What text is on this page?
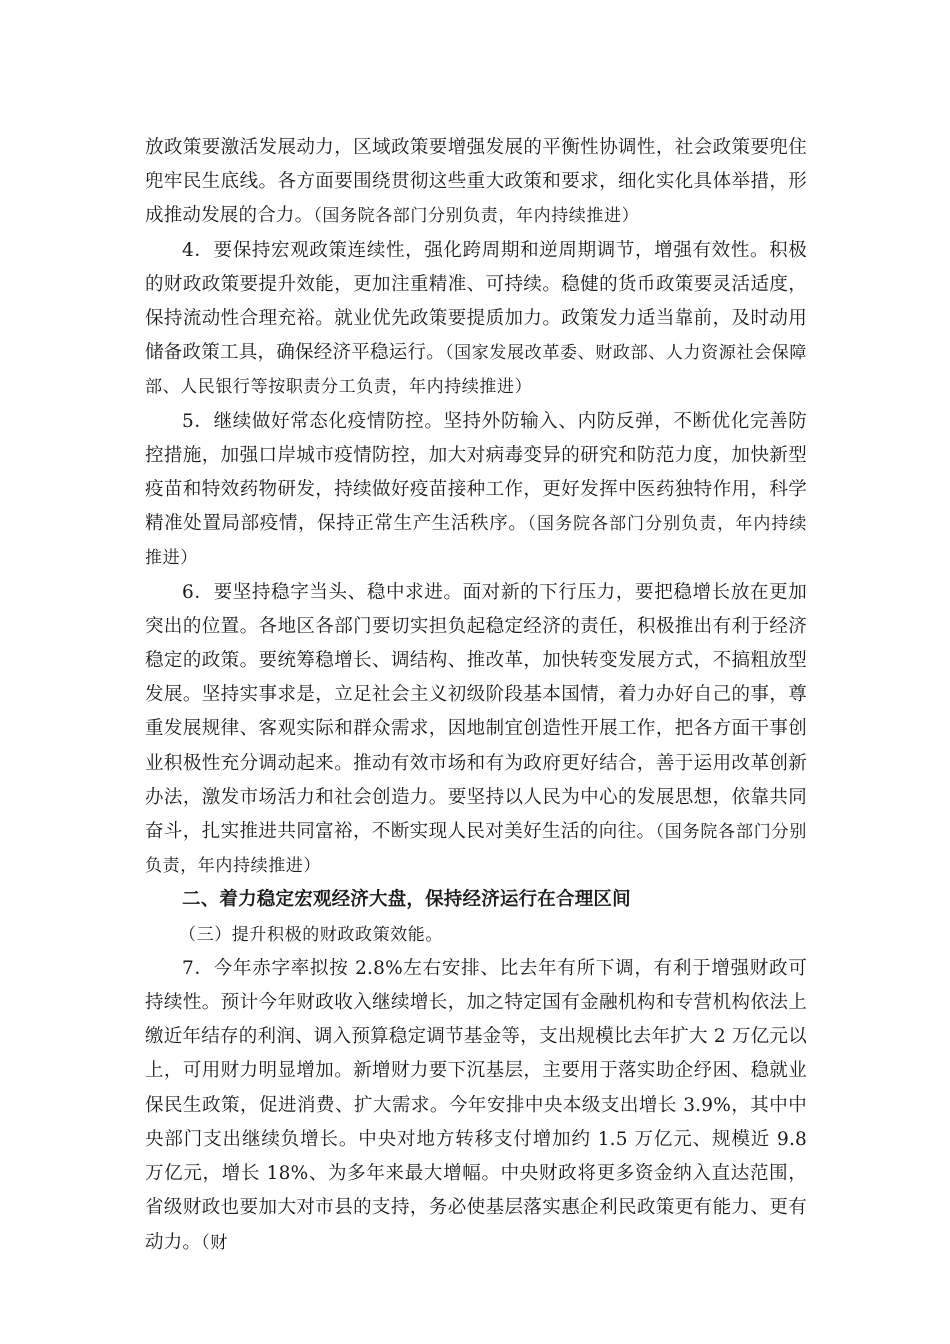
放政策要激活发展动力，区域政策要增强发展的平衡性协调性，社会政策要兜住兜牢民生底线。各方面要围绕贯彻这些重大政策和要求，细化实化具体举措，形成推动发展的合力。（国务院各部门分别负责，年内持续推进）

4．要保持宏观政策连续性，强化跨周期和逆周期调节，增强有效性。积极的财政政策要提升效能，更加注重精准、可持续。稳健的货币政策要灵活适度，保持流动性合理充裕。就业优先政策要提质加力。政策发力适当靠前，及时动用储备政策工具，确保经济平稳运行。（国家发展改革委、财政部、人力资源社会保障部、人民银行等按职责分工负责，年内持续推进）

5．继续做好常态化疫情防控。坚持外防输入、内防反弹，不断优化完善防控措施，加强口岸城市疫情防控，加大对病毒变异的研究和防范力度，加快新型疫苗和特效药物研发，持续做好疫苗接种工作，更好发挥中医药独特作用，科学精准处置局部疫情，保持正常生产生活秩序。（国务院各部门分别负责，年内持续推进）

6．要坚持稳字当头、稳中求进。面对新的下行压力，要把稳增长放在更加突出的位置。各地区各部门要切实担负起稳定经济的责任，积极推出有利于经济稳定的政策。要统筹稳增长、调结构、推改革，加快转变发展方式，不搞粗放型发展。坚持实事求是，立足社会主义初级阶段基本国情，着力办好自己的事，尊重发展规律、客观实际和群众需求，因地制宜创造性开展工作，把各方面干事创业积极性充分调动起来。推动有效市场和有为政府更好结合，善于运用改革创新办法，激发市场活力和社会创造力。要坚持以人民为中心的发展思想，依靠共同奋斗，扎实推进共同富裕，不断实现人民对美好生活的向往。（国务院各部门分别负责，年内持续推进）

二、着力稳定宏观经济大盘，保持经济运行在合理区间

（三）提升积极的财政政策效能。

7．今年赤字率拟按 2.8%左右安排、比去年有所下调，有利于增强财政可持续性。预计今年财政收入继续增长，加之特定国有金融机构和专营机构依法上缴近年结存的利润、调入预算稳定调节基金等，支出规模比去年扩大 2 万亿元以上，可用财力明显增加。新增财力要下沉基层，主要用于落实助企纾困、稳就业保民生政策，促进消费、扩大需求。今年安排中央本级支出增长 3.9%，其中中央部门支出继续负增长。中央对地方转移支付增加约 1.5 万亿元、规模近 9.8 万亿元，增长 18%、为多年来最大增幅。中央财政将更多资金纳入直达范围，省级财政也要加大对市县的支持，务必使基层落实惠企利民政策更有能力、更有动力。（财
